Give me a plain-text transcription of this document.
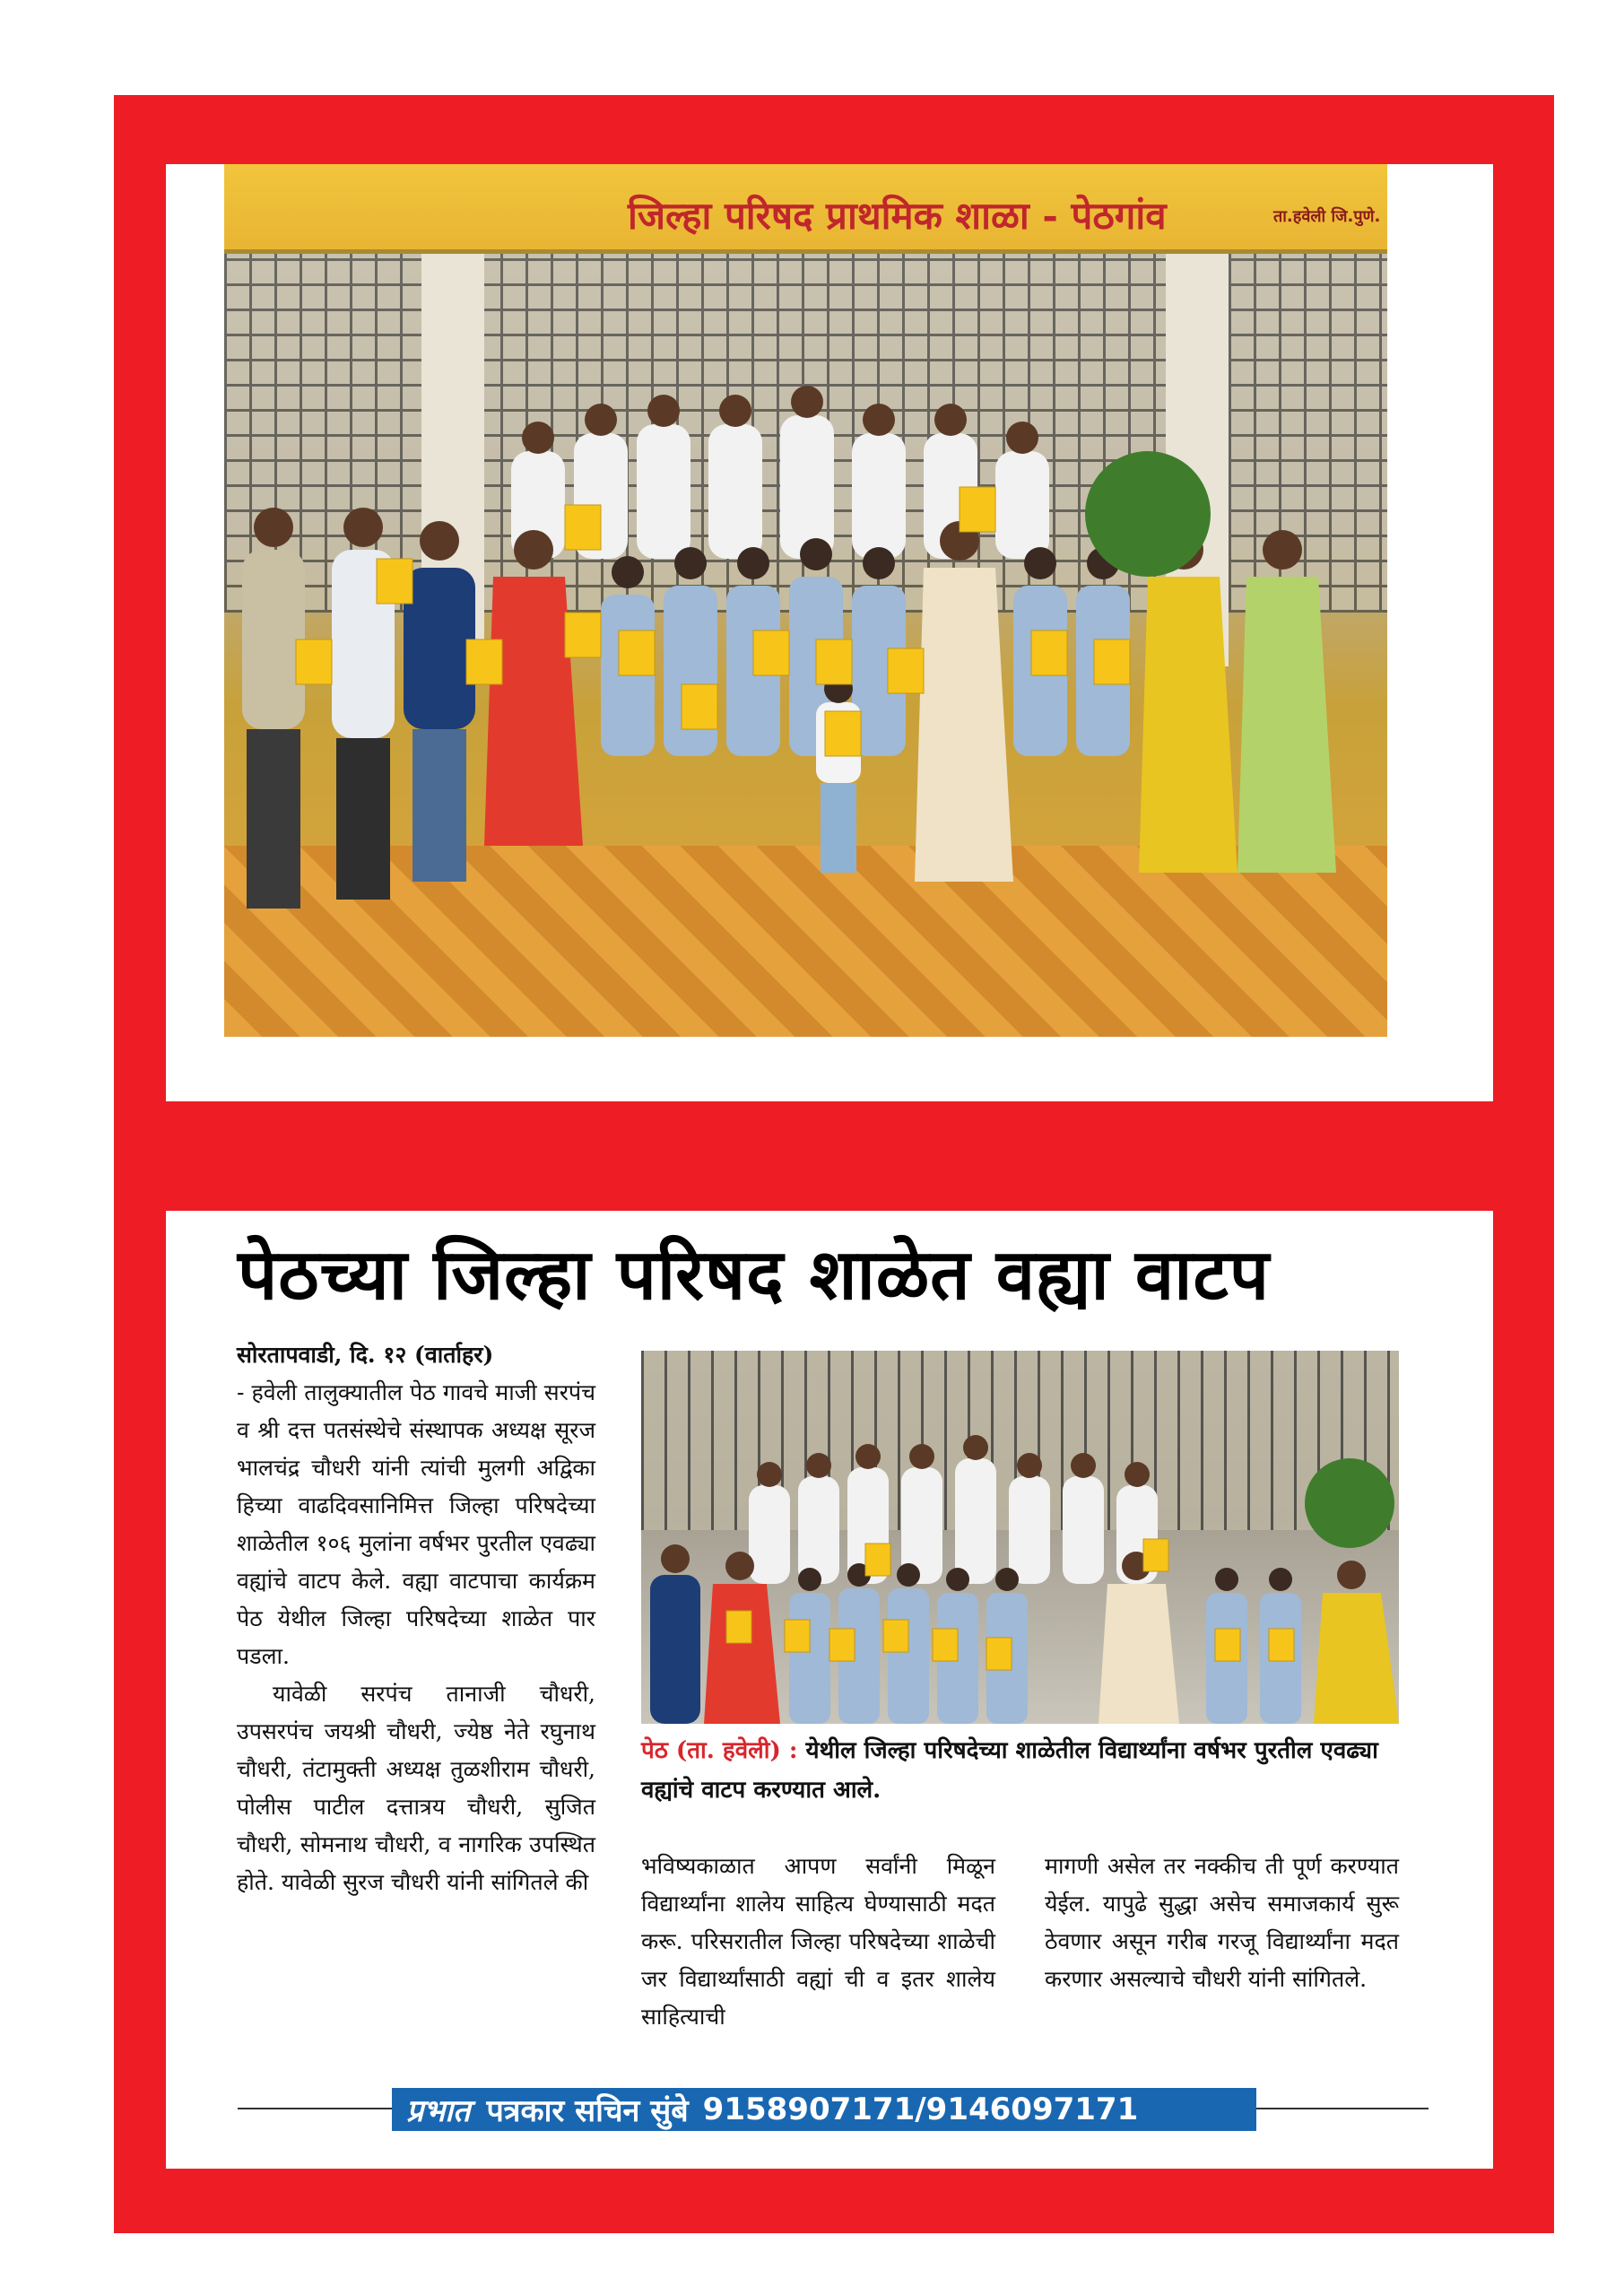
जिल्हा परिषद प्राथमिक शाळा - पेठगांव	ता.हवेली जि.पुणे.
पेठच्या जिल्हा परिषद शाळेत वह्या वाटप

सोरतापवाडी, दि. १२ (वार्ताहर)

- हवेली तालुक्यातील पेठ गावचे माजी सरपंच व श्री दत्त पतसंस्थेचे संस्थापक अध्यक्ष सूरज भालचंद्र चौधरी यांनी त्यांची मुलगी अद्विका हिच्या वाढदिवसानिमित्त जिल्हा परिषदेच्या शाळेतील १०६ मुलांना वर्षभर पुरतील एवढ्या वह्यांचे वाटप केले. वह्या वाटपाचा कार्यक्रम पेठ येथील जिल्हा परिषदेच्या शाळेत पार पडला.

यावेळी सरपंच तानाजी चौधरी, उपसरपंच जयश्री चौधरी, ज्येष्ठ नेते रघुनाथ चौधरी, तंटामुक्ती अध्यक्ष तुळशीराम चौधरी, पोलीस पाटील दत्तात्रय चौधरी, सुजित चौधरी, सोमनाथ चौधरी, व नागरिक उपस्थित होते. यावेळी सुरज चौधरी यांनी सांगितले की

पेठ (ता. हवेली) : येथील जिल्हा परिषदेच्या शाळेतील विद्यार्थ्यांना वर्षभर पुरतील एवढ्या वह्यांचे वाटप करण्यात आले.

भविष्यकाळात आपण सर्वांनी मिळून विद्यार्थ्यांना शालेय साहित्य घेण्यासाठी मदत करू. परिसरातील जिल्हा परिषदेच्या शाळेची जर विद्यार्थ्यांसाठी वह्यां ची व इतर शालेय साहित्याची

मागणी असेल तर नक्कीच ती पूर्ण करण्यात येईल. यापुढे सुद्धा असेच समाजकार्य सुरू ठेवणार असून गरीब गरजू विद्यार्थ्यांना मदत करणार असल्याचे चौधरी यांनी सांगितले.

प्रभात पत्रकार सचिन सुंबे 9158907171/9146097171
